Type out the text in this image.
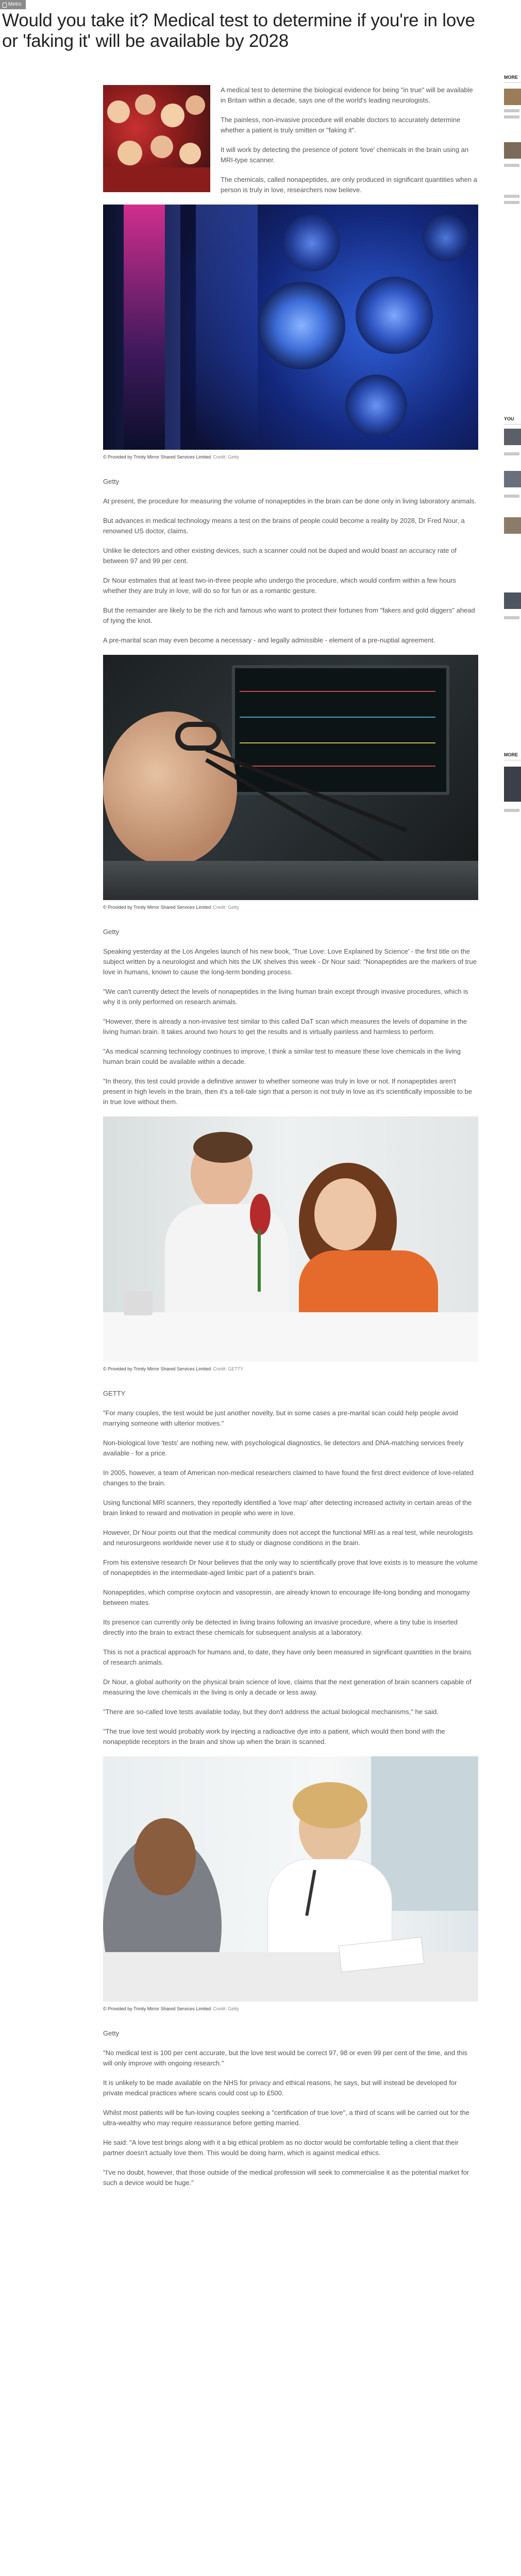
Metro
Would you take it? Medical test to determine if you're in love or 'faking it' will be available by 2028
MORE
YOU
MORE

A medical test to determine the biological evidence for being "in true" will be available in Britain within a decade, says one of the world's leading neurologists.

The painless, non-invasive procedure will enable doctors to accurately determine whether a patient is truly smitten or "faking it".

It will work by detecting the presence of potent 'love' chemicals in the brain using an MRI-type scanner.

The chemicals, called nonapeptides, are only produced in significant quantities when a person is truly in love, researchers now believe.

© Provided by Trinity Mirror Shared Services Limited Credit: Getty

Getty

At present, the procedure for measuring the volume of nonapeptides in the brain can be done only in living laboratory animals.

But advances in medical technology means a test on the brains of people could become a reality by 2028, Dr Fred Nour, a renowned US doctor, claims.

Unlike lie detectors and other existing devices, such a scanner could not be duped and would boast an accuracy rate of between 97 and 99 per cent.

Dr Nour estimates that at least two-in-three people who undergo the procedure, which would confirm within a few hours whether they are truly in love, will do so for fun or as a romantic gesture.

But the remainder are likely to be the rich and famous who want to protect their fortunes from "fakers and gold diggers" ahead of tying the knot.

A pre-marital scan may even become a necessary - and legally admissible - element of a pre-nuptial agreement.

© Provided by Trinity Mirror Shared Services Limited Credit: Getty

Getty

Speaking yesterday at the Los Angeles launch of his new book, 'True Love: Love Explained by Science' - the first title on the subject written by a neurologist and which hits the UK shelves this week - Dr Nour said: "Nonapeptides are the markers of true love in humans, known to cause the long-term bonding process.

"We can't currently detect the levels of nonapeptides in the living human brain except through invasive procedures, which is why it is only performed on research animals.

"However, there is already a non-invasive test similar to this called DaT scan which measures the levels of dopamine in the living human brain. It takes around two hours to get the results and is virtually painless and harmless to perform.

"As medical scanning technology continues to improve, I think a similar test to measure these love chemicals in the living human brain could be available within a decade.

"In theory, this test could provide a definitive answer to whether someone was truly in love or not. If nonapeptides aren't present in high levels in the brain, then it's a tell-tale sign that a person is not truly in love as it's scientifically impossible to be in true love without them.

© Provided by Trinity Mirror Shared Services Limited Credit: GETTY

GETTY

"For many couples, the test would be just another novelty, but in some cases a pre-marital scan could help people avoid marrying someone with ulterior motives."

Non-biological love 'tests' are nothing new, with psychological diagnostics, lie detectors and DNA-matching services freely available - for a price.

In 2005, however, a team of American non-medical researchers claimed to have found the first direct evidence of love-related changes to the brain.

Using functional MRI scanners, they reportedly identified a 'love map' after detecting increased activity in certain areas of the brain linked to reward and motivation in people who were in love.

However, Dr Nour points out that the medical community does not accept the functional MRI as a real test, while neurologists and neurosurgeons worldwide never use it to study or diagnose conditions in the brain.

From his extensive research Dr Nour believes that the only way to scientifically prove that love exists is to measure the volume of nonapeptides in the intermediate-aged limbic part of a patient's brain.

Nonapeptides, which comprise oxytocin and vasopressin, are already known to encourage life-long bonding and monogamy between mates.

Its presence can currently only be detected in living brains following an invasive procedure, where a tiny tube is inserted directly into the brain to extract these chemicals for subsequent analysis at a laboratory.

This is not a practical approach for humans and, to date, they have only been measured in significant quantities in the brains of research animals.

Dr Nour, a global authority on the physical brain science of love, claims that the next generation of brain scanners capable of measuring the love chemicals in the living is only a decade or less away.

"There are so-called love tests available today, but they don't address the actual biological mechanisms," he said.

"The true love test would probably work by injecting a radioactive dye into a patient, which would then bond with the nonapeptide receptors in the brain and show up when the brain is scanned.

© Provided by Trinity Mirror Shared Services Limited Credit: Getty

Getty

"No medical test is 100 per cent accurate, but the love test would be correct 97, 98 or even 99 per cent of the time, and this will only improve with ongoing research."

It is unlikely to be made available on the NHS for privacy and ethical reasons, he says, but will instead be developed for private medical practices where scans could cost up to £500.

Whilst most patients will be fun-loving couples seeking a "certification of true love", a third of scans will be carried out for the ultra-wealthy who may require reassurance before getting married.

He said: "A love test brings along with it a big ethical problem as no doctor would be comfortable telling a client that their partner doesn't actually love them. This would be doing harm, which is against medical ethics.

"I've no doubt, however, that those outside of the medical profession will seek to commercialise it as the potential market for such a device would be huge."
